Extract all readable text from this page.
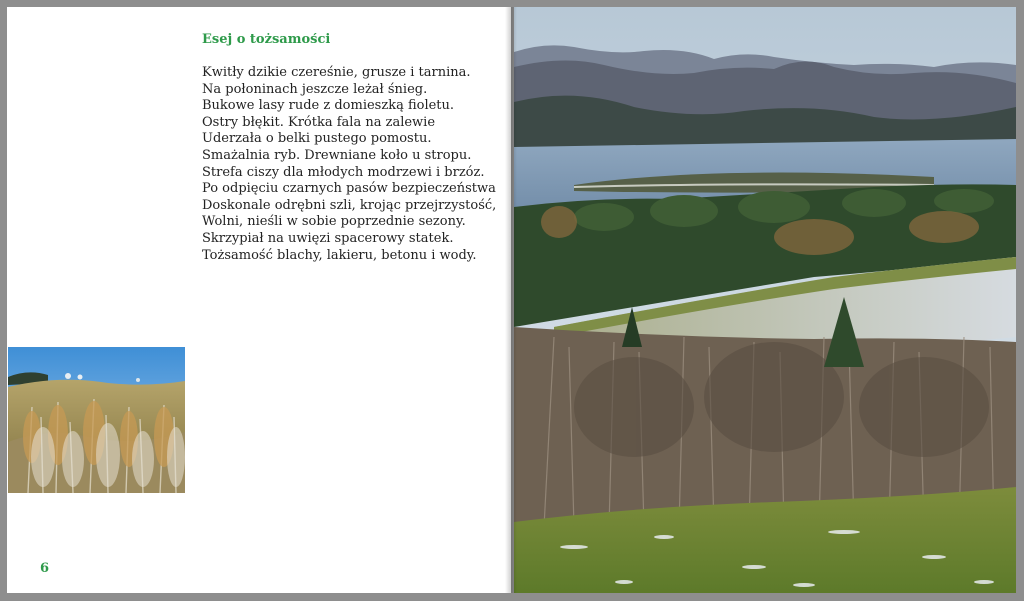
Esej o tożsamości
Kwitły dzikie czereśnie, grusze i tarnina.
Na połoninach jeszcze leżał śnieg.
Bukowe lasy rude z domieszką fioletu.
Ostry błękit. Krótka fala na zalewie
Uderzała o belki pustego pomostu.
Smażalnia ryb. Drewniane koło u stropu.
Strefa ciszy dla młodych modrzewi i brzóz.
Po odpięciu czarnych pasów bezpieczeństwa
Doskonale odrębni szli, krojąc przejrzystość,
Wolni, nieśli w sobie poprzednie sezony.
Skrzypiał na uwięzi spacerowy statek.
Tożsamość blachy, lakieru, betonu i wody.
6
